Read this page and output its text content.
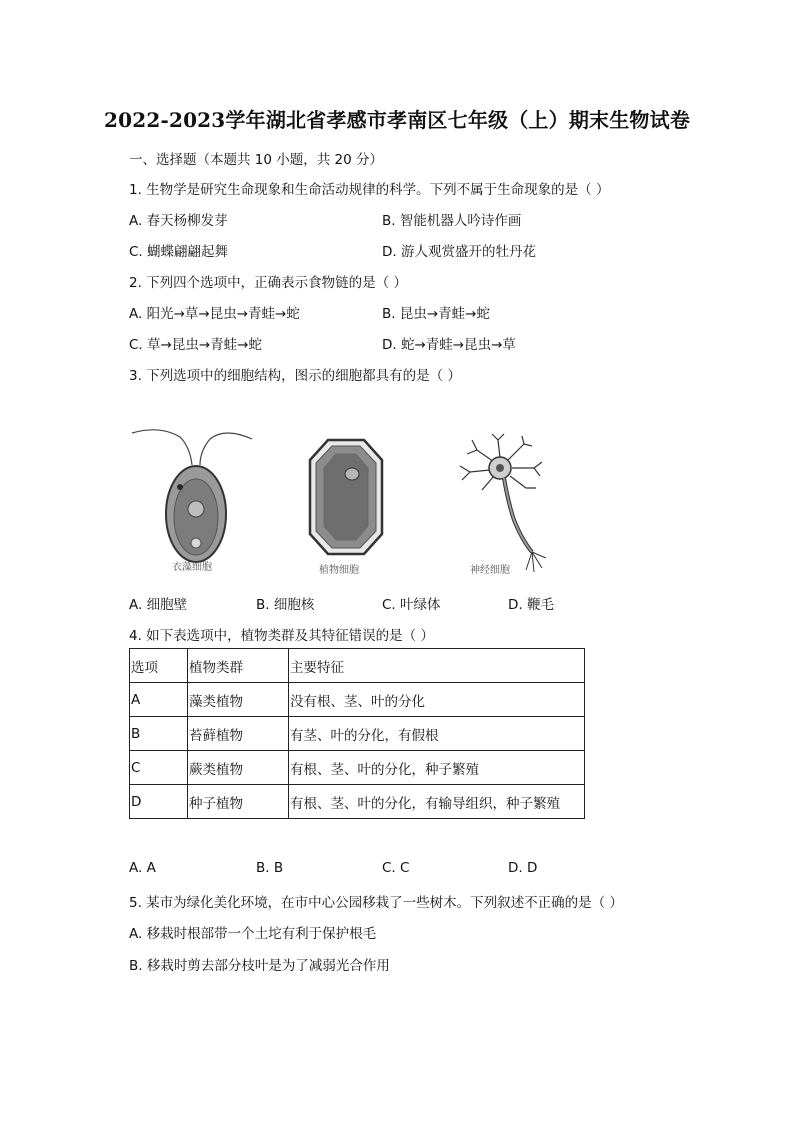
2022-2023学年湖北省孝感市孝南区七年级（上）期末生物试卷
一、选择题（本题共 10 小题，共 20 分）
1. 生物学是研究生命现象和生命活动规律的科学。下列不属于生命现象的是（ ）
A. 春天杨柳发芽	B. 智能机器人吟诗作画
C. 蝴蝶翩翩起舞	D. 游人观赏盛开的牡丹花
2. 下列四个选项中，正确表示食物链的是（ ）
A. 阳光→草→昆虫→青蛙→蛇	B. 昆虫→青蛙→蛇
C. 草→昆虫→青蛙→蛇	D. 蛇→青蛙→昆虫→草
3. 下列选项中的细胞结构，图示的细胞都具有的是（ ）
衣藻细胞	植物细胞	神经细胞
A. 细胞壁	B. 细胞核	C. 叶绿体	D. 鞭毛
4. 如下表选项中，植物类群及其特征错误的是（ ）
选项	植物类群	主要特征
A	藻类植物	没有根、茎、叶的分化
B	苔藓植物	有茎、叶的分化，有假根
C	蕨类植物	有根、茎、叶的分化，种子繁殖
D	种子植物	有根、茎、叶的分化，有输导组织，种子繁殖
A. A	B. B	C. C	D. D
5. 某市为绿化美化环境，在市中心公园移栽了一些树木。下列叙述不正确的是（ ）
A. 移栽时根部带一个土坨有利于保护根毛
B. 移栽时剪去部分枝叶是为了减弱光合作用
